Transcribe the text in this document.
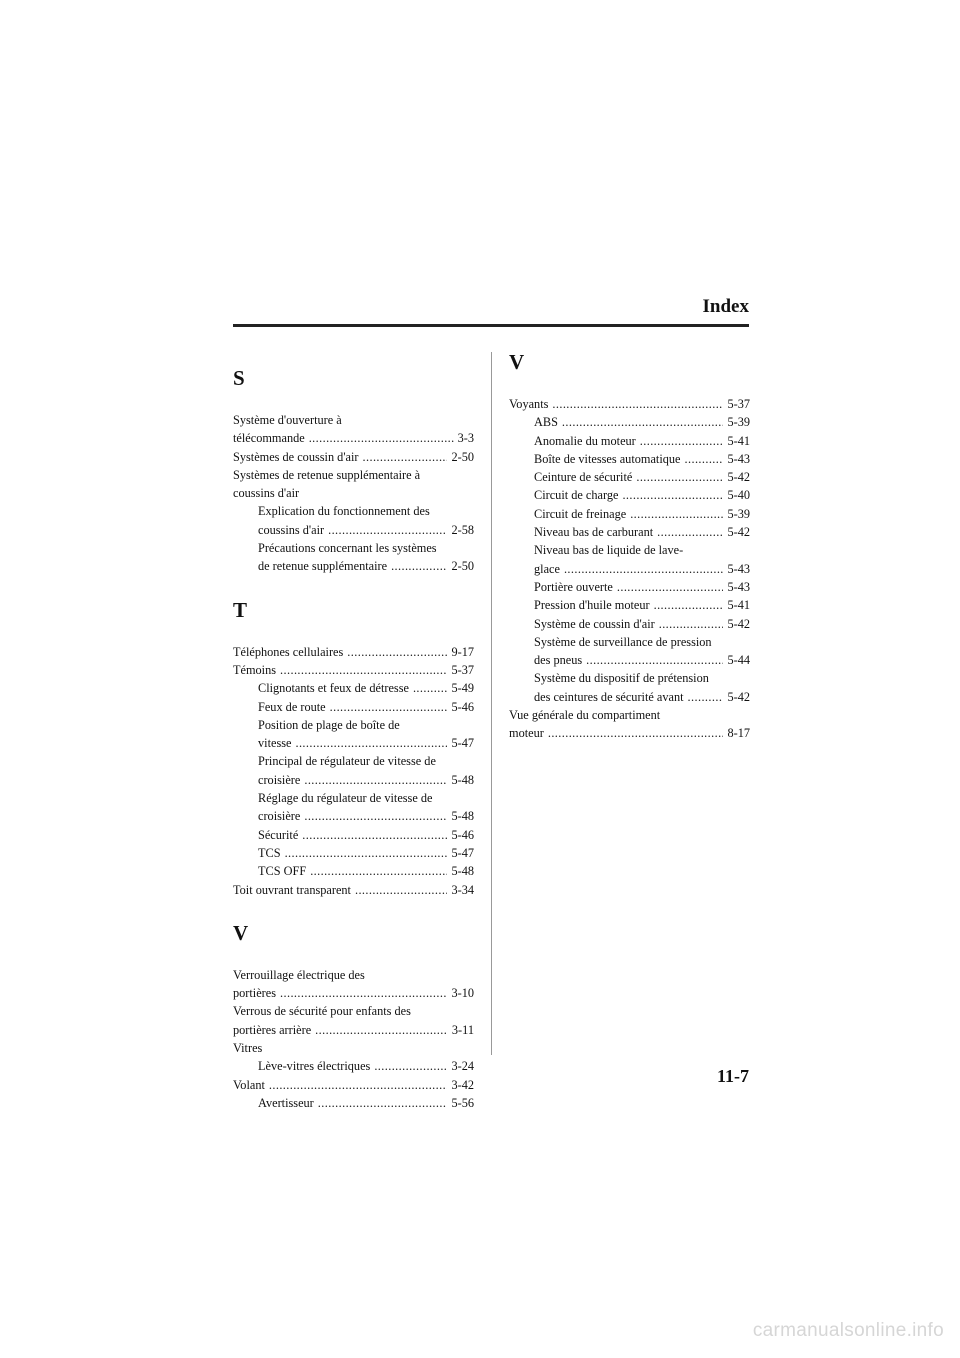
Index
S
Système d'ouverture à
télécommande .....	3-3
Systèmes de coussin d'air .....	2-50
Systèmes de retenue supplémentaire à
coussins d'air
Explication du fonctionnement des
coussins d'air .....	2-58
Précautions concernant les systèmes
de retenue supplémentaire .....	2-50
T
Téléphones cellulaires .....	9-17
Témoins .....	5-37
Clignotants et feux de détresse .....	5-49
Feux de route .....	5-46
Position de plage de boîte de
vitesse .....	5-47
Principal de régulateur de vitesse de
croisière .....	5-48
Réglage du régulateur de vitesse de
croisière .....	5-48
Sécurité .....	5-46
TCS .....	5-47
TCS OFF .....	5-48
Toit ouvrant transparent .....	3-34
V
Verrouillage électrique des
portières .....	3-10
Verrous de sécurité pour enfants des
portières arrière .....	3-11
Vitres
Lève-vitres électriques .....	3-24
Volant .....	3-42
Avertisseur .....	5-56
V
Voyants .....	5-37
ABS .....	5-39
Anomalie du moteur .....	5-41
Boîte de vitesses automatique .....	5-43
Ceinture de sécurité .....	5-42
Circuit de charge .....	5-40
Circuit de freinage .....	5-39
Niveau bas de carburant .....	5-42
Niveau bas de liquide de lave-
glace .....	5-43
Portière ouverte .....	5-43
Pression d'huile moteur .....	5-41
Système de coussin d'air .....	5-42
Système de surveillance de pression
des pneus .....	5-44
Système du dispositif de prétension
des ceintures de sécurité avant .....	5-42
Vue générale du compartiment
moteur .....	8-17
11-7
carmanualsonline.info
